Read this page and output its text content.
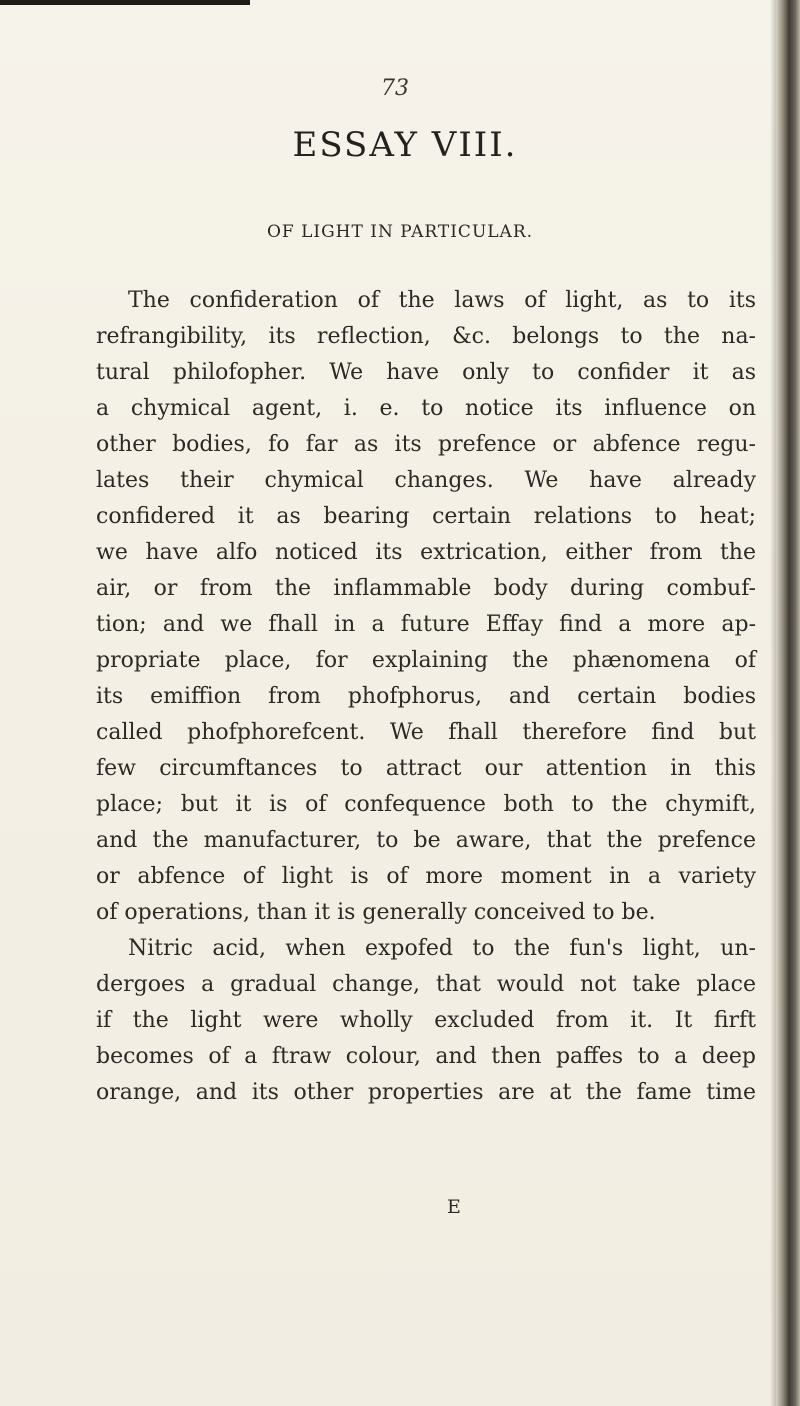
73
ESSAY VIII.
OF LIGHT IN PARTICULAR.
The confideration of the laws of light, as to its
refrangibility, its reflection, &c. belongs to the na-
tural philofopher. We have only to confider it as
a chymical agent, i. e. to notice its influence on
other bodies, fo far as its prefence or abfence regu-
lates their chymical changes. We have already
confidered it as bearing certain relations to heat;
we have alfo noticed its extrication, either from the
air, or from the inflammable body during combuf-
tion; and we fhall in a future Effay find a more ap-
propriate place, for explaining the phænomena of
its emiffion from phofphorus, and certain bodies
called phofphorefcent. We fhall therefore find but
few circumftances to attract our attention in this
place; but it is of confequence both to the chymift,
and the manufacturer, to be aware, that the prefence
or abfence of light is of more moment in a variety
of operations, than it is generally conceived to be.
Nitric acid, when expofed to the fun's light, un-
dergoes a gradual change, that would not take place
if the light were wholly excluded from it. It firft
becomes of a ftraw colour, and then paffes to a deep
orange, and its other properties are at the fame time
E
